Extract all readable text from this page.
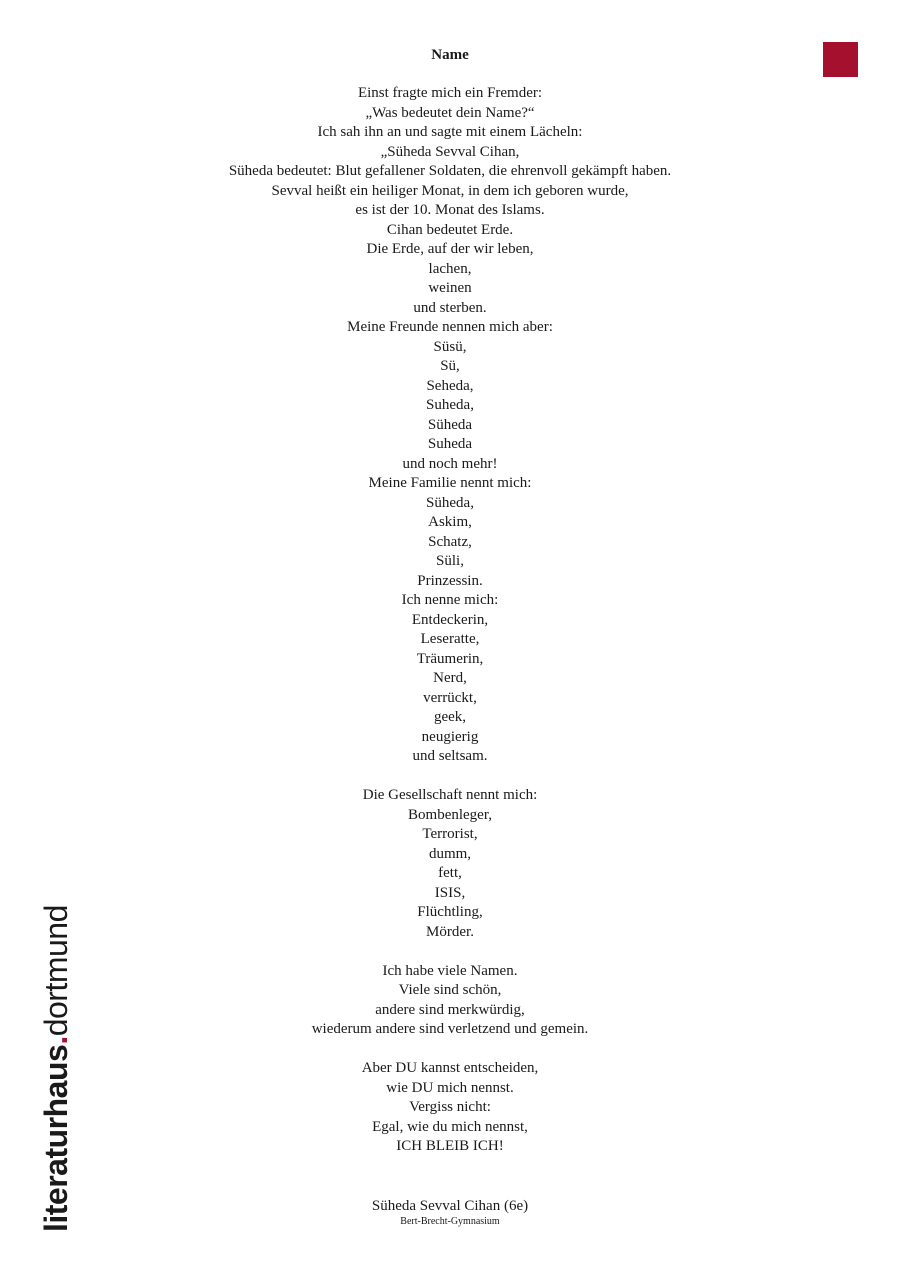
Name
Einst fragte mich ein Fremder:
„Was bedeutet dein Name?“
Ich sah ihn an und sagte mit einem Lächeln:
„Süheda Sevval Cihan,
Süheda bedeutet: Blut gefallener Soldaten, die ehrenvoll gekämpft haben.
Sevval heißt ein heiliger Monat, in dem ich geboren wurde,
es ist der 10. Monat des Islams.
Cihan bedeutet Erde.
Die Erde, auf der wir leben,
lachen,
weinen
und sterben.
Meine Freunde nennen mich aber:
Süsü,
Sü,
Seheda,
Suheda,
Süheda
Suheda
und noch mehr!
Meine Familie nennt mich:
Süheda,
Askim,
Schatz,
Süli,
Prinzessin.
Ich nenne mich:
Entdeckerin,
Leseratte,
Träumerin,
Nerd,
verrückt,
geek,
neugierig
und seltsam.
Die Gesellschaft nennt mich:
Bombenleger,
Terrorist,
dumm,
fett,
ISIS,
Flüchtling,
Mörder.
Ich habe viele Namen.
Viele sind schön,
andere sind merkwürdig,
wiederum andere sind verletzend und gemein.
Aber DU kannst entscheiden,
wie DU mich nennst.
Vergiss nicht:
Egal, wie du mich nennst,
ICH BLEIB ICH!
Süheda Sevval Cihan (6e)
Bert-Brecht-Gymnasium
literaturhaus.dortmund
